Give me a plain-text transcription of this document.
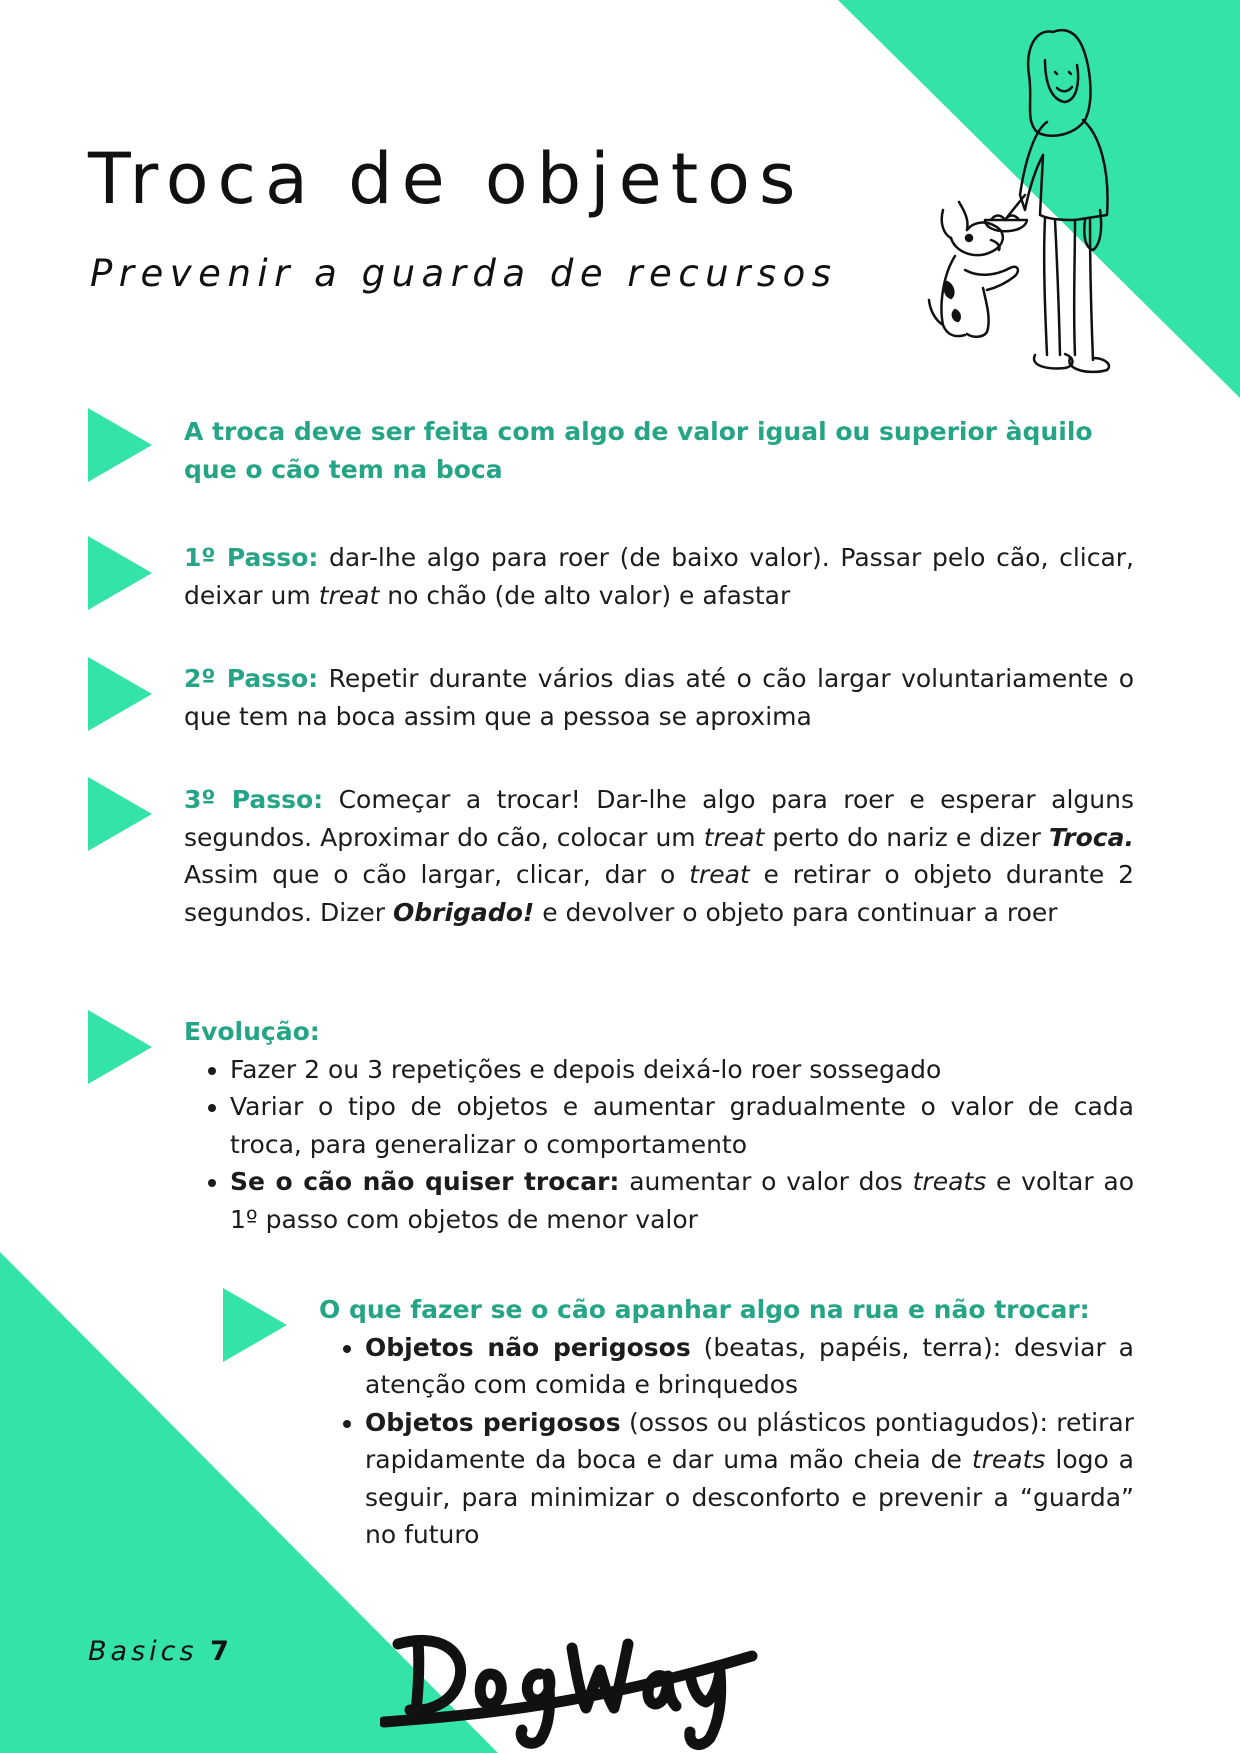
Troca de objetos
Prevenir a guarda de recursos

A troca deve ser feita com algo de valor igual ou superior àquilo que o cão tem na boca

1º Passo: dar-lhe algo para roer (de baixo valor). Passar pelo cão, clicar, deixar um treat no chão (de alto valor) e afastar

2º Passo: Repetir durante vários dias até o cão largar voluntariamente o que tem na boca assim que a pessoa se aproxima

3º Passo: Começar a trocar! Dar-lhe algo para roer e esperar alguns segundos. Aproximar do cão, colocar um treat perto do nariz e dizer Troca. Assim que o cão largar, clicar, dar o treat e retirar o objeto durante 2 segundos. Dizer Obrigado! e devolver o objeto para continuar a roer

Evolução:

• Fazer 2 ou 3 repetições e depois deixá-lo roer sossegado
• Variar o tipo de objetos e aumentar gradualmente o valor de cada troca, para generalizar o comportamento
• Se o cão não quiser trocar: aumentar o valor dos treats e voltar ao 1º passo com objetos de menor valor

O que fazer se o cão apanhar algo na rua e não trocar:

• Objetos não perigosos (beatas, papéis, terra): desviar a atenção com comida e brinquedos
• Objetos perigosos (ossos ou plásticos pontiagudos): retirar rapidamente da boca e dar uma mão cheia de treats logo a seguir, para minimizar o desconforto e prevenir a “guarda” no futuro
Basics 7
